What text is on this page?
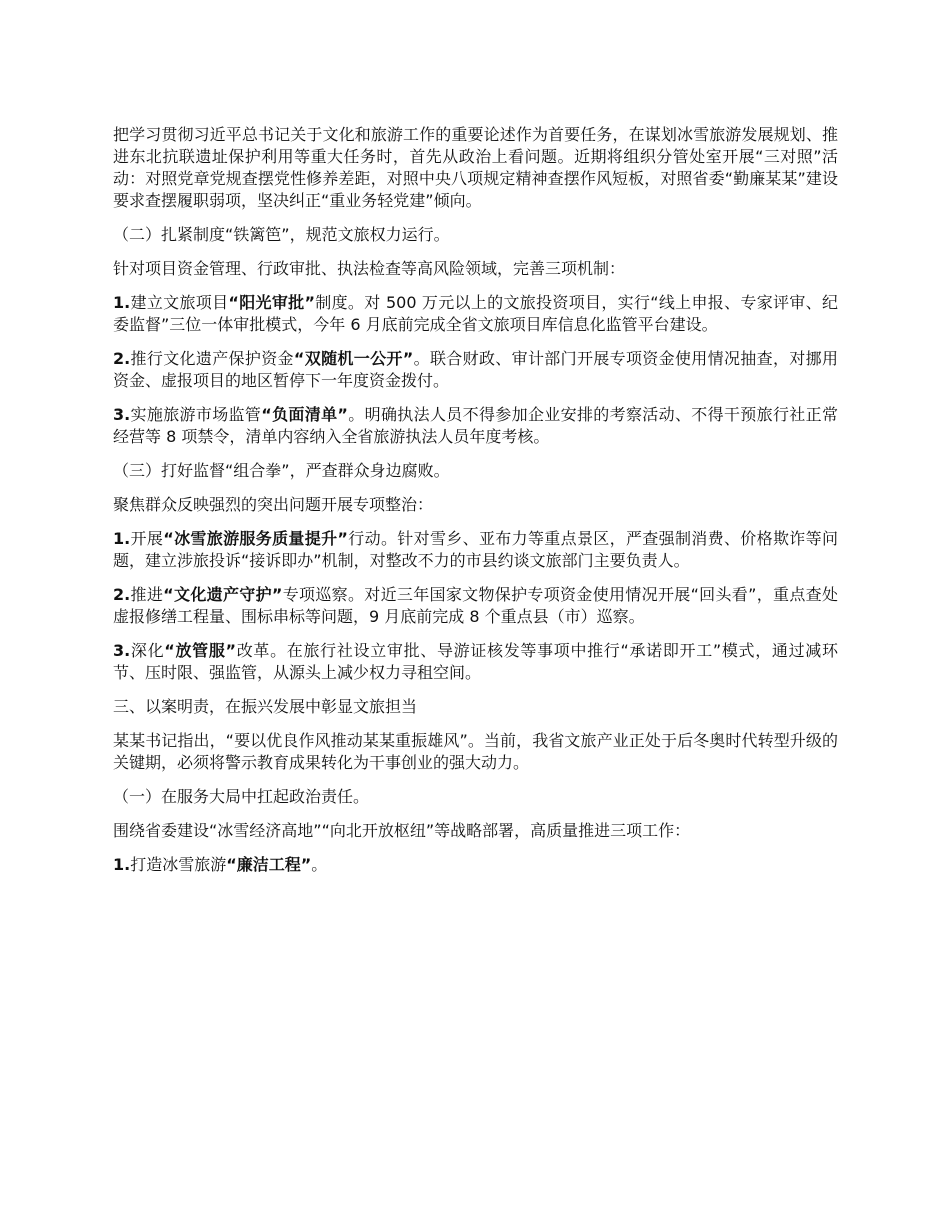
把学习贯彻习近平总书记关于文化和旅游工作的重要论述作为首要任务，在谋划冰雪旅游发展规划、推进东北抗联遗址保护利用等重大任务时，首先从政治上看问题。近期将组织分管处室开展“三对照”活动：对照党章党规查摆党性修养差距，对照中央八项规定精神查摆作风短板，对照省委“勤廉某某”建设要求查摆履职弱项，坚决纠正“重业务轻党建”倾向。

（二）扎紧制度“铁篱笆”，规范文旅权力运行。

针对项目资金管理、行政审批、执法检查等高风险领域，完善三项机制：

1.建立文旅项目“阳光审批”制度。对 500 万元以上的文旅投资项目，实行“线上申报、专家评审、纪委监督”三位一体审批模式，今年 6 月底前完成全省文旅项目库信息化监管平台建设。

2.推行文化遗产保护资金“双随机一公开”。联合财政、审计部门开展专项资金使用情况抽查，对挪用资金、虚报项目的地区暂停下一年度资金拨付。

3.实施旅游市场监管“负面清单”。明确执法人员不得参加企业安排的考察活动、不得干预旅行社正常经营等 8 项禁令，清单内容纳入全省旅游执法人员年度考核。

（三）打好监督“组合拳”，严查群众身边腐败。

聚焦群众反映强烈的突出问题开展专项整治：

1.开展“冰雪旅游服务质量提升”行动。针对雪乡、亚布力等重点景区，严查强制消费、价格欺诈等问题，建立涉旅投诉“接诉即办”机制，对整改不力的市县约谈文旅部门主要负责人。

2.推进“文化遗产守护”专项巡察。对近三年国家文物保护专项资金使用情况开展“回头看”，重点查处虚报修缮工程量、围标串标等问题，9 月底前完成 8 个重点县（市）巡察。

3.深化“放管服”改革。在旅行社设立审批、导游证核发等事项中推行“承诺即开工”模式，通过减环节、压时限、强监管，从源头上减少权力寻租空间。

三、以案明责，在振兴发展中彰显文旅担当

某某书记指出，“要以优良作风推动某某重振雄风”。当前，我省文旅产业正处于后冬奥时代转型升级的关键期，必须将警示教育成果转化为干事创业的强大动力。

（一）在服务大局中扛起政治责任。

围绕省委建设“冰雪经济高地”“向北开放枢纽”等战略部署，高质量推进三项工作：

1.打造冰雪旅游“廉洁工程”。
